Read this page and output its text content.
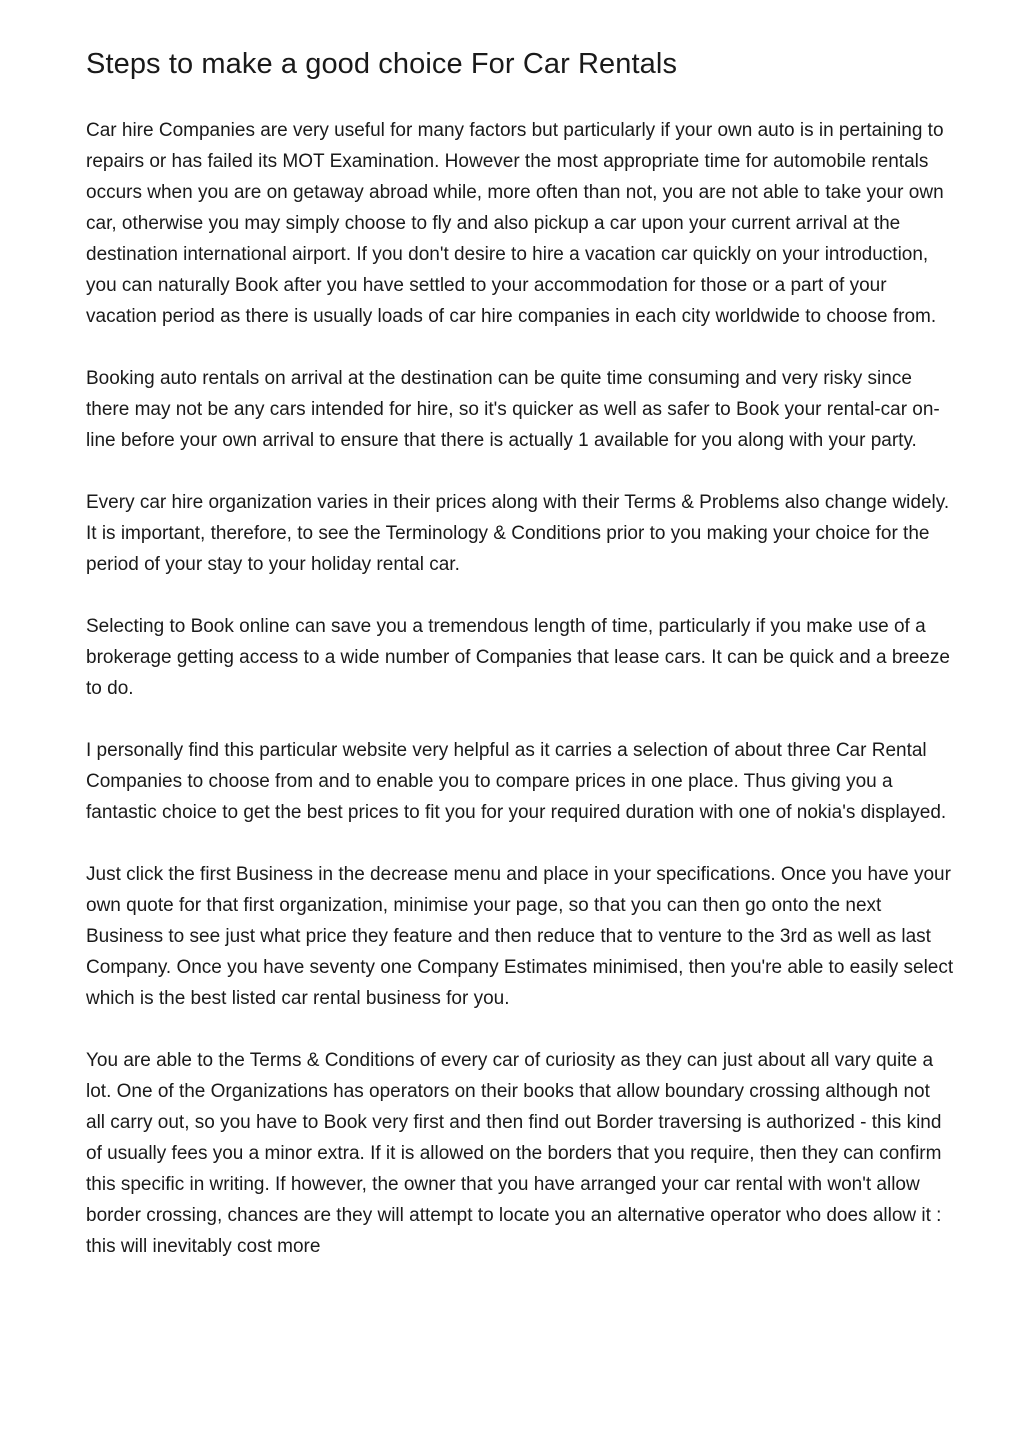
Steps to make a good choice For Car Rentals

Car hire Companies are very useful for many factors but particularly if your own auto is in pertaining to repairs or has failed its MOT Examination. However the most appropriate time for automobile rentals occurs when you are on getaway abroad while, more often than not, you are not able to take your own car, otherwise you may simply choose to fly and also pickup a car upon your current arrival at the destination international airport. If you don't desire to hire a vacation car quickly on your introduction, you can naturally Book after you have settled to your accommodation for those or a part of your vacation period as there is usually loads of car hire companies in each city worldwide to choose from.

Booking auto rentals on arrival at the destination can be quite time consuming and very risky since there may not be any cars intended for hire, so it's quicker as well as safer to Book your rental-car on-line before your own arrival to ensure that there is actually 1 available for you along with your party.

Every car hire organization varies in their prices along with their Terms & Problems also change widely. It is important, therefore, to see the Terminology & Conditions prior to you making your choice for the period of your stay to your holiday rental car.

Selecting to Book online can save you a tremendous length of time, particularly if you make use of a brokerage getting access to a wide number of Companies that lease cars. It can be quick and a breeze to do.

I personally find this particular website very helpful as it carries a selection of about three Car Rental Companies to choose from and to enable you to compare prices in one place. Thus giving you a fantastic choice to get the best prices to fit you for your required duration with one of nokia's displayed.

Just click the first Business in the decrease menu and place in your specifications. Once you have your own quote for that first organization, minimise your page, so that you can then go onto the next Business to see just what price they feature and then reduce that to venture to the 3rd as well as last Company. Once you have seventy one Company Estimates minimised, then you're able to easily select which is the best listed car rental business for you.

You are able to the Terms & Conditions of every car of curiosity as they can just about all vary quite a lot. One of the Organizations has operators on their books that allow boundary crossing although not all carry out, so you have to Book very first and then find out Border traversing is authorized - this kind of usually fees you a minor extra. If it is allowed on the borders that you require, then they can confirm this specific in writing. If however, the owner that you have arranged your car rental with won't allow border crossing, chances are they will attempt to locate you an alternative operator who does allow it : this will inevitably cost more
